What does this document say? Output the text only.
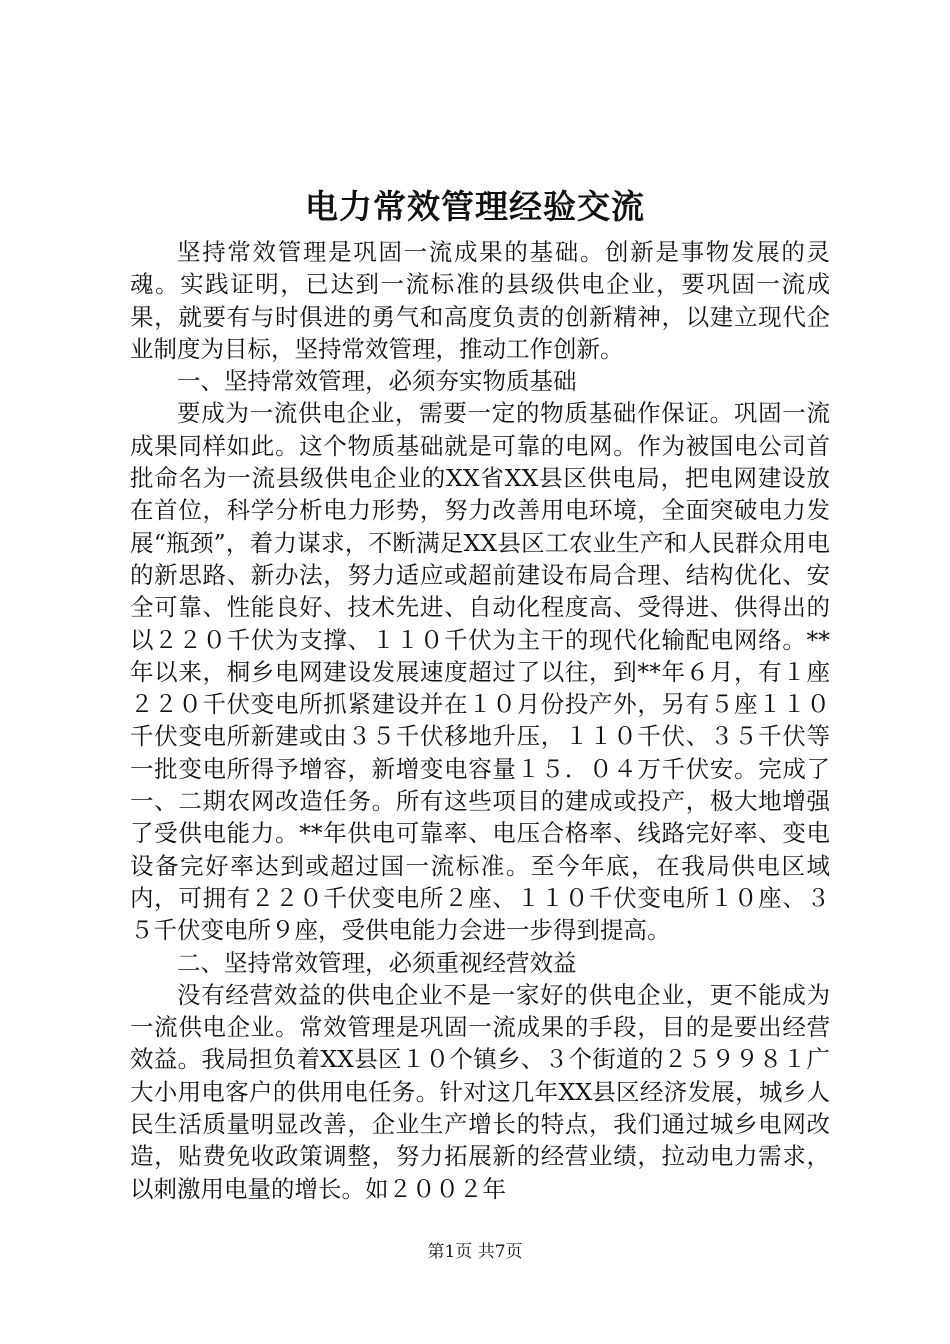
电力常效管理经验交流

坚持常效管理是巩固一流成果的基础。创新是事物发展的灵魂。实践证明，已达到一流标准的县级供电企业，要巩固一流成果，就要有与时俱进的勇气和高度负责的创新精神，以建立现代企业制度为目标，坚持常效管理，推动工作创新。

一、坚持常效管理，必须夯实物质基础

要成为一流供电企业，需要一定的物质基础作保证。巩固一流成果同样如此。这个物质基础就是可靠的电网。作为被国电公司首批命名为一流县级供电企业的XX省XX县区供电局，把电网建设放在首位，科学分析电力形势，努力改善用电环境，全面突破电力发展“瓶颈”，着力谋求，不断满足XX县区工农业生产和人民群众用电的新思路、新办法，努力适应或超前建设布局合理、结构优化、安全可靠、性能良好、技术先进、自动化程度高、受得进、供得出的以２２０千伏为支撑、１１０千伏为主干的现代化输配电网络。**年以来，桐乡电网建设发展速度超过了以往，到**年６月，有１座２２０千伏变电所抓紧建设并在１０月份投产外，另有５座１１０千伏变电所新建或由３５千伏移地升压，１１０千伏、３５千伏等一批变电所得予增容，新增变电容量１５．０４万千伏安。完成了一、二期农网改造任务。所有这些项目的建成或投产，极大地增强了受供电能力。**年供电可靠率、电压合格率、线路完好率、变电设备完好率达到或超过国一流标准。至今年底，在我局供电区域内，可拥有２２０千伏变电所２座、１１０千伏变电所１０座、３５千伏变电所９座，受供电能力会进一步得到提高。

二、坚持常效管理，必须重视经营效益

没有经营效益的供电企业不是一家好的供电企业，更不能成为一流供电企业。常效管理是巩固一流成果的手段，目的是要出经营效益。我局担负着XX县区１０个镇乡、３个街道的２５９９８１广大小用电客户的供用电任务。针对这几年XX县区经济发展，城乡人民生活质量明显改善，企业生产增长的特点，我们通过城乡电网改造，贴费免收政策调整，努力拓展新的经营业绩，拉动电力需求，以刺激用电量的增长。如２００２年

第1页 共7页
